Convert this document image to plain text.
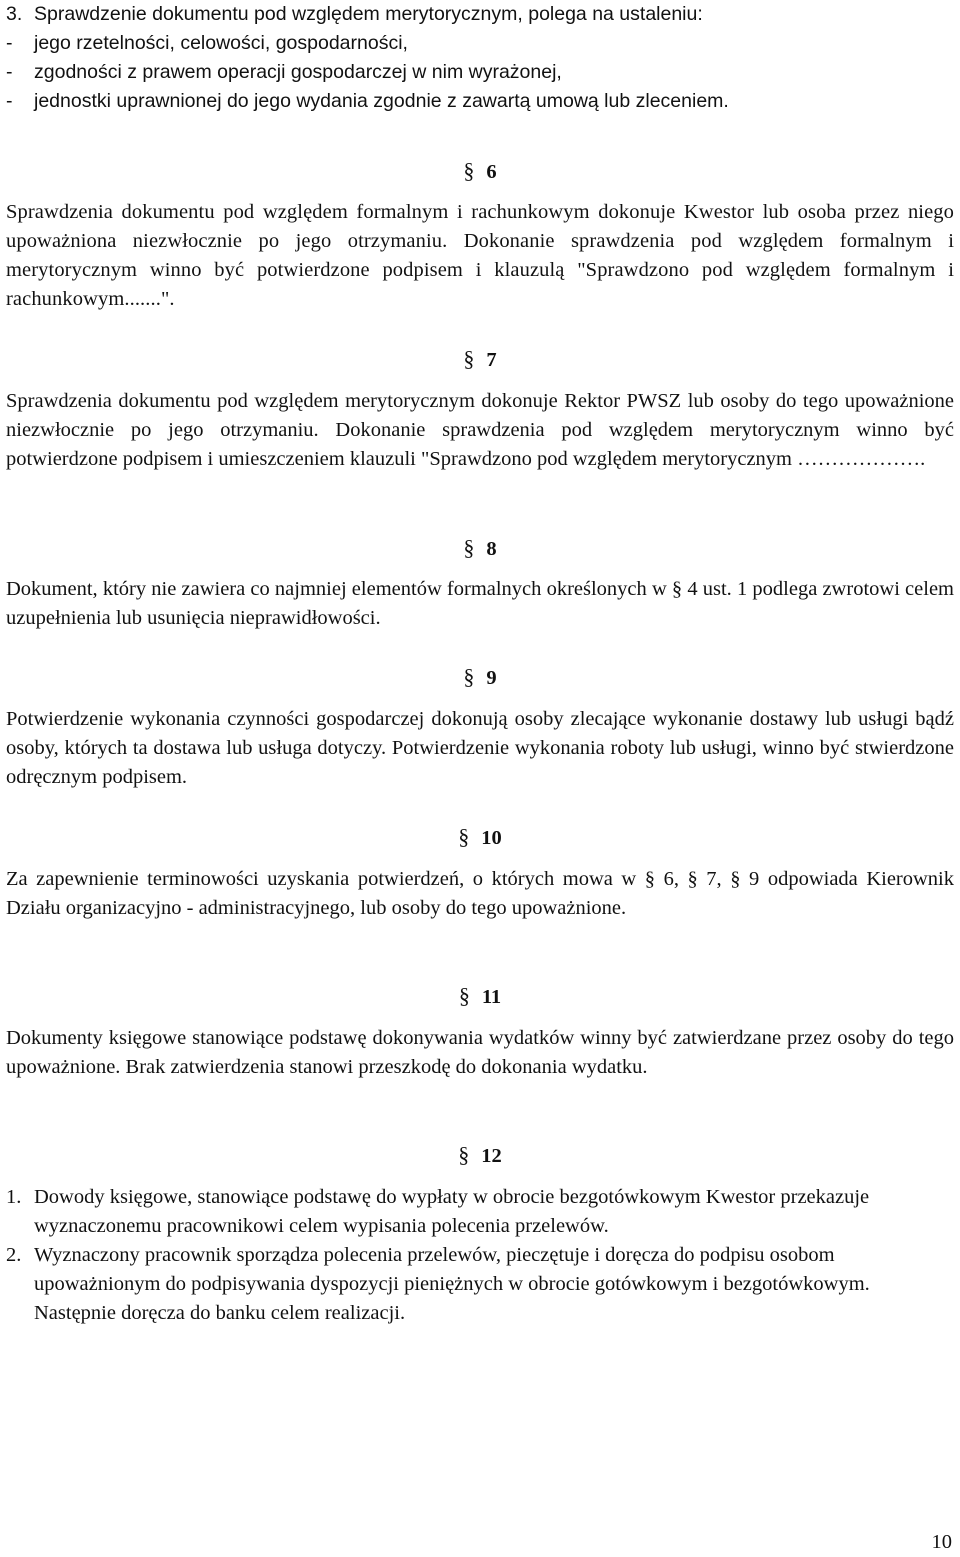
3. Sprawdzenie dokumentu pod względem merytorycznym, polega na ustaleniu:
-	jego rzetelności, celowości, gospodarności,
-	zgodności z prawem operacji gospodarczej w nim wyrażonej,
-	jednostki uprawnionej do jego wydania zgodnie z zawartą umową lub zleceniem.
§ 6

Sprawdzenia dokumentu pod względem formalnym i rachunkowym dokonuje Kwestor lub osoba przez niego upoważniona niezwłocznie po jego otrzymaniu. Dokonanie sprawdzenia pod względem formalnym i merytorycznym winno być potwierdzone podpisem i klauzulą "Sprawdzono pod względem formalnym i rachunkowym.......".

§ 7

Sprawdzenia dokumentu pod względem merytorycznym dokonuje Rektor PWSZ lub osoby do tego upoważnione niezwłocznie po jego otrzymaniu. Dokonanie sprawdzenia pod względem merytorycznym winno być potwierdzone podpisem i umieszczeniem klauzuli "Sprawdzono pod względem merytorycznym ……………….

§ 8

Dokument, który nie zawiera co najmniej elementów formalnych określonych w § 4 ust. 1 podlega zwrotowi celem uzupełnienia lub usunięcia nieprawidłowości.

§ 9

Potwierdzenie wykonania czynności gospodarczej dokonują osoby zlecające wykonanie dostawy lub usługi bądź osoby, których ta dostawa lub usługa dotyczy. Potwierdzenie wykonania roboty lub usługi, winno być stwierdzone odręcznym podpisem.

§ 10

Za zapewnienie terminowości uzyskania potwierdzeń, o których mowa w § 6, § 7, § 9 odpowiada Kierownik Działu organizacyjno - administracyjnego, lub osoby do tego upoważnione.

§ 11

Dokumenty księgowe stanowiące podstawę dokonywania wydatków winny być zatwierdzane przez osoby do tego upoważnione. Brak zatwierdzenia stanowi przeszkodę do dokonania wydatku.

§ 12
1. Dowody księgowe, stanowiące podstawę do wypłaty w obrocie bezgotówkowym Kwestor przekazuje wyznaczonemu pracownikowi celem wypisania polecenia przelewów.
2. Wyznaczony pracownik sporządza polecenia przelewów, pieczętuje i doręcza do podpisu osobom upoważnionym do podpisywania dyspozycji pieniężnych w obrocie gotówkowym i bezgotówkowym. Następnie doręcza do banku celem realizacji.
10
